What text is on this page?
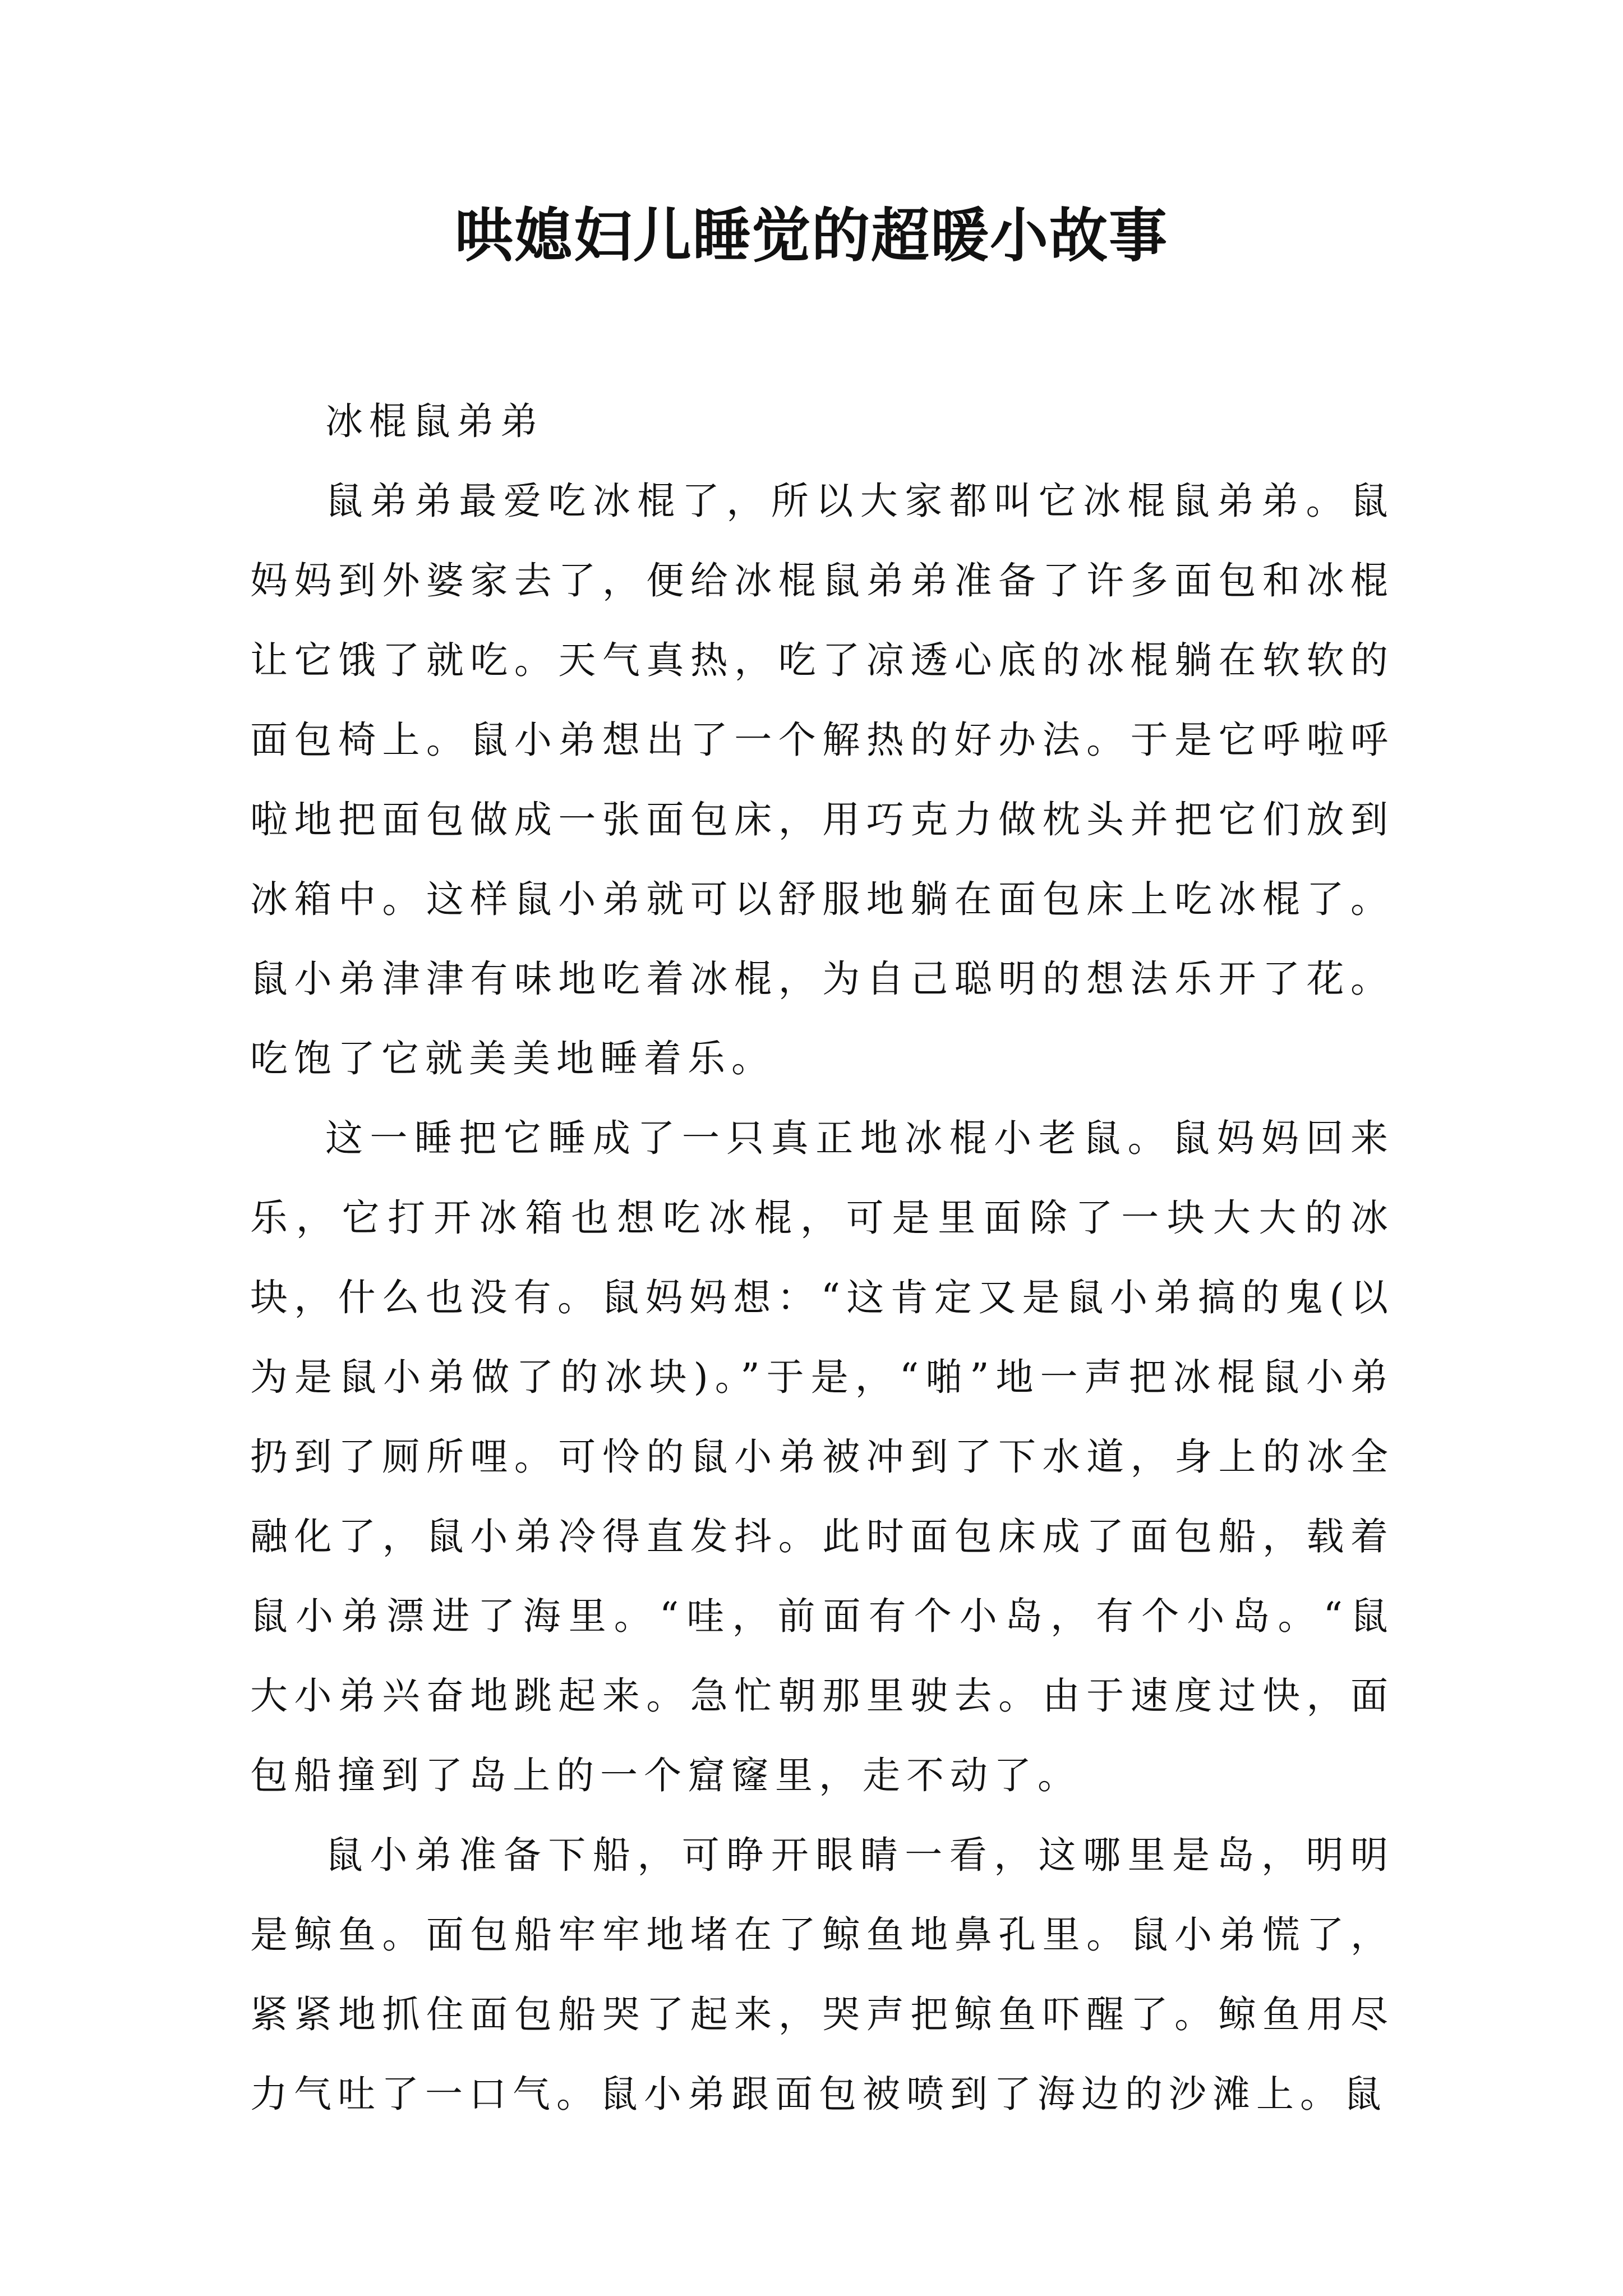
哄媳妇儿睡觉的超暖小故事

冰棍鼠弟弟

鼠弟弟最爱吃冰棍了，所以大家都叫它冰棍鼠弟弟。鼠妈妈到外婆家去了，便给冰棍鼠弟弟准备了许多面包和冰棍让它饿了就吃。天气真热，吃了凉透心底的冰棍躺在软软的面包椅上。鼠小弟想出了一个解热的好办法。于是它呼啦呼啦地把面包做成一张面包床，用巧克力做枕头并把它们放到冰箱中。这样鼠小弟就可以舒服地躺在面包床上吃冰棍了。鼠小弟津津有味地吃着冰棍，为自己聪明的想法乐开了花。吃饱了它就美美地睡着乐。

这一睡把它睡成了一只真正地冰棍小老鼠。鼠妈妈回来乐，它打开冰箱也想吃冰棍，可是里面除了一块大大的冰块，什么也没有。鼠妈妈想：“这肯定又是鼠小弟搞的鬼(以为是鼠小弟做了的冰块)。”于是，“啪”地一声把冰棍鼠小弟扔到了厕所哩。可怜的鼠小弟被冲到了下水道，身上的冰全融化了，鼠小弟冷得直发抖。此时面包床成了面包船，载着鼠小弟漂进了海里。“哇，前面有个小岛，有个小岛。“鼠大小弟兴奋地跳起来。急忙朝那里驶去。由于速度过快，面包船撞到了岛上的一个窟窿里，走不动了。

鼠小弟准备下船，可睁开眼睛一看，这哪里是岛，明明是鲸鱼。面包船牢牢地堵在了鲸鱼地鼻孔里。鼠小弟慌了，紧紧地抓住面包船哭了起来，哭声把鲸鱼吓醒了。鲸鱼用尽力气吐了一口气。鼠小弟跟面包被喷到了海边的沙滩上。鼠
